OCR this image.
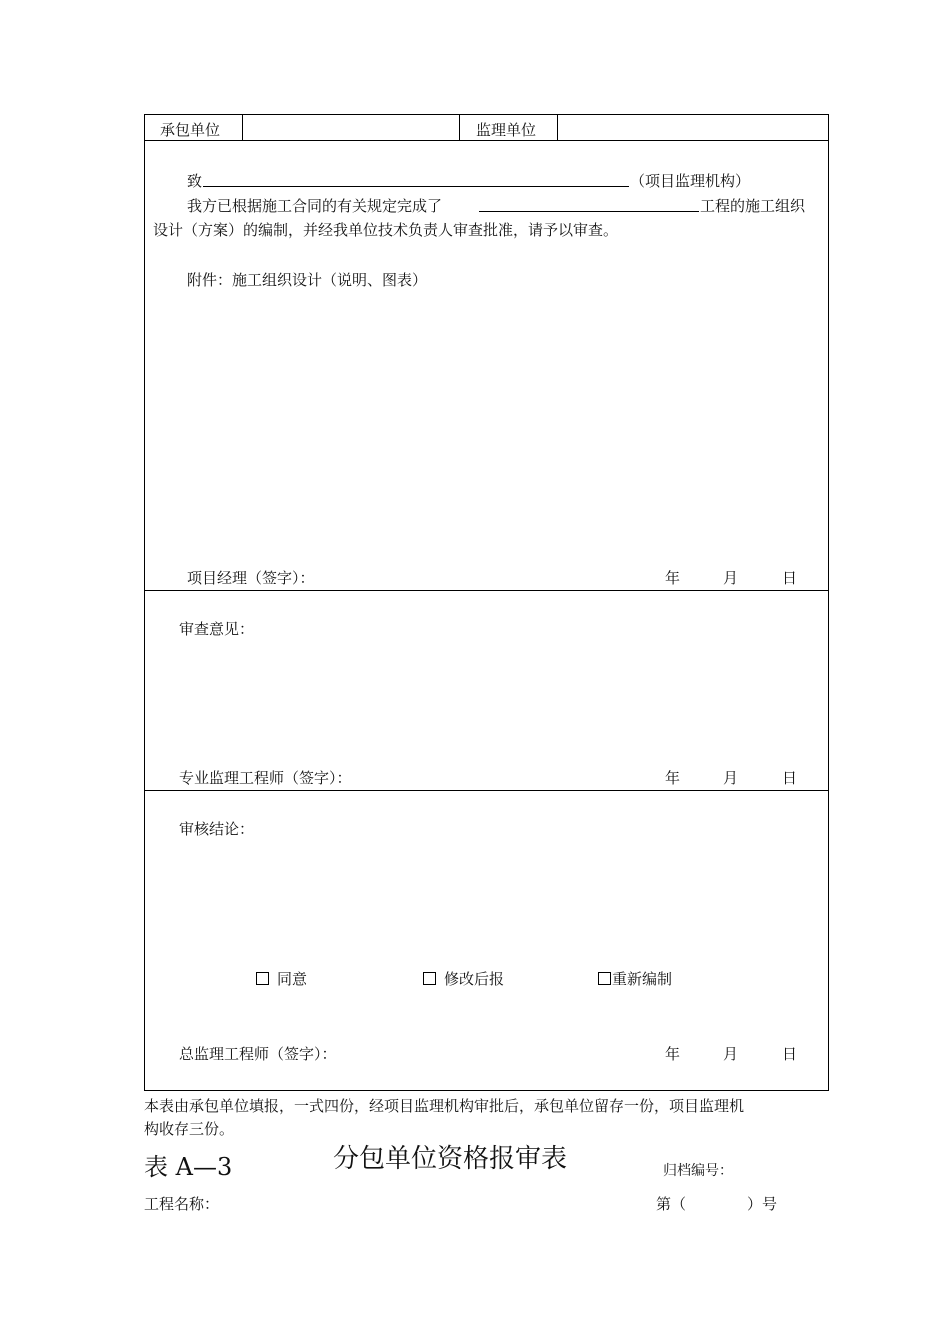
承包单位	监理单位
致	（项目监理机构）
我方已根据施工合同的有关规定完成了	工程的施工组织
设计（方案）的编制，并经我单位技术负责人审查批准，请予以审查。
附件：施工组织设计（说明、图表）
项目经理（签字）：	年	月	日
审查意见：
专业监理工程师（签字）：	年	月	日
审核结论：
同意	修改后报	重新编制
总监理工程师（签字）：	年	月	日
本表由承包单位填报，一式四份，经项目监理机构审批后，承包单位留存一份，项目监理机
构收存三份。
表 A—3	分包单位资格报审表	归档编号：
工程名称：	第（	）号
